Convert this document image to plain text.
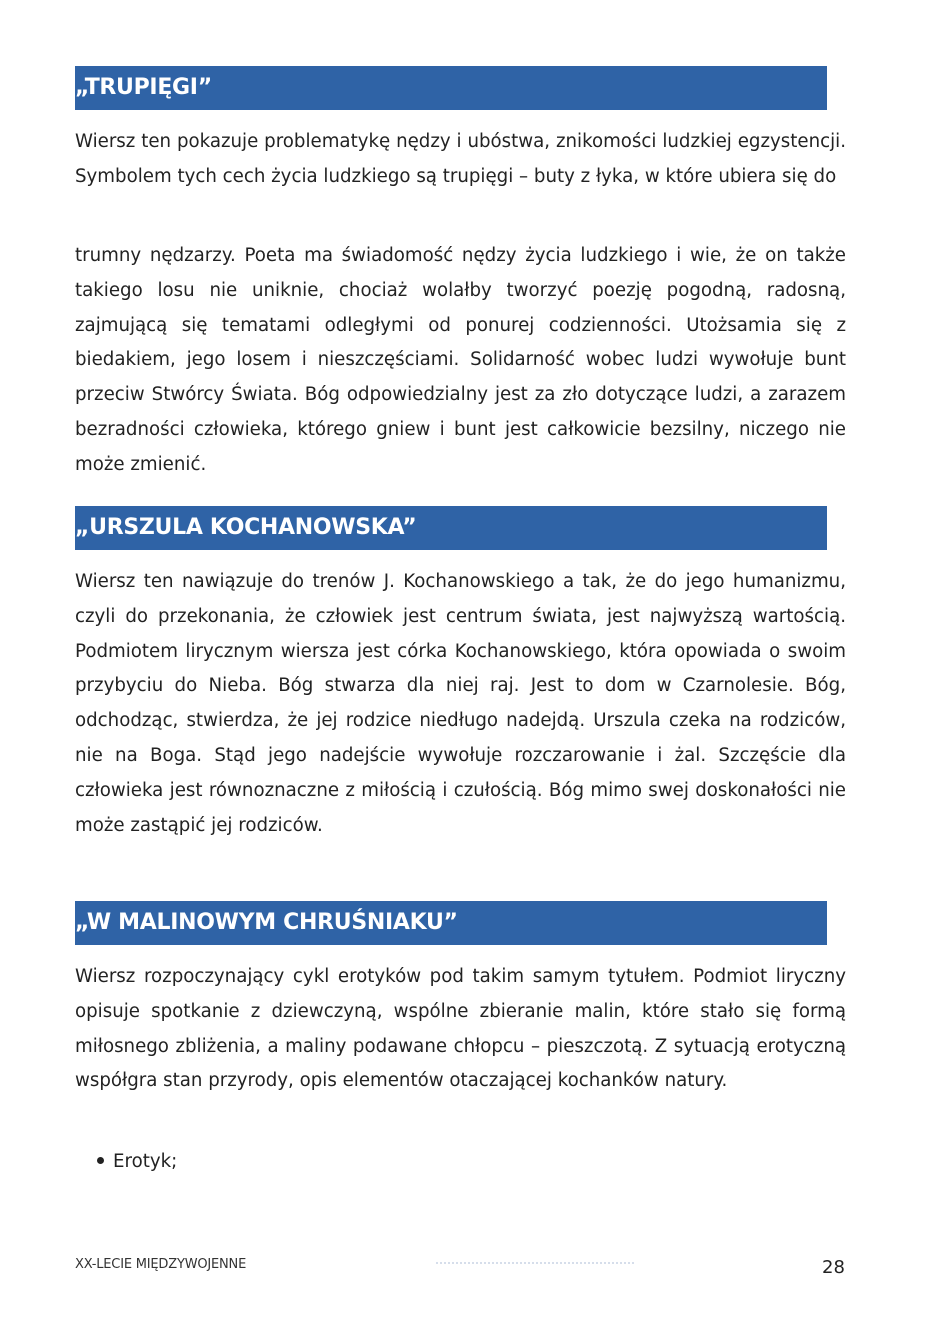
„TRUPIĘGI”

Wiersz ten pokazuje problematykę nędzy i ubóstwa, znikomości ludzkiej egzystencji. Symbolem tych cech życia ludzkiego są trupięgi – buty z łyka, w które ubiera się do

trumny nędzarzy. Poeta ma świadomość nędzy życia ludzkiego i wie, że on także takiego losu nie uniknie, chociaż wolałby tworzyć poezję pogodną, radosną, zajmującą się tematami odległymi od ponurej codzienności. Utożsamia się z biedakiem, jego losem i nieszczęściami. Solidarność wobec ludzi wywołuje bunt przeciw Stwórcy Świata. Bóg odpowiedzialny jest za zło dotyczące ludzi, a zarazem bezradności człowieka, którego gniew i bunt jest całkowicie bezsilny, niczego nie może zmienić.

„URSZULA KOCHANOWSKA”

Wiersz ten nawiązuje do trenów J. Kochanowskiego a tak, że do jego humanizmu, czyli do przekonania, że człowiek jest centrum świata, jest najwyższą wartością. Podmiotem lirycznym wiersza jest córka Kochanowskiego, która opowiada o swoim przybyciu do Nieba. Bóg stwarza dla niej raj. Jest to dom w Czarnolesie. Bóg, odchodząc, stwierdza, że jej rodzice niedługo nadejdą. Urszula czeka na rodziców, nie na Boga. Stąd jego nadejście wywołuje rozczarowanie i żal. Szczęście dla człowieka jest równoznaczne z miłością i czułością. Bóg mimo swej doskonałości nie może zastąpić jej rodziców.

„W MALINOWYM CHRUŚNIAKU”

Wiersz rozpoczynający cykl erotyków pod takim samym tytułem. Podmiot liryczny opisuje spotkanie z dziewczyną, wspólne zbieranie malin, które stało się formą miłosnego zbliżenia, a maliny podawane chłopcu – pieszczotą. Z sytuacją erotyczną współgra stan przyrody, opis elementów otaczającej kochanków natury.

Erotyk;

XX-LECIE MIĘDZYWOJENNE	28
